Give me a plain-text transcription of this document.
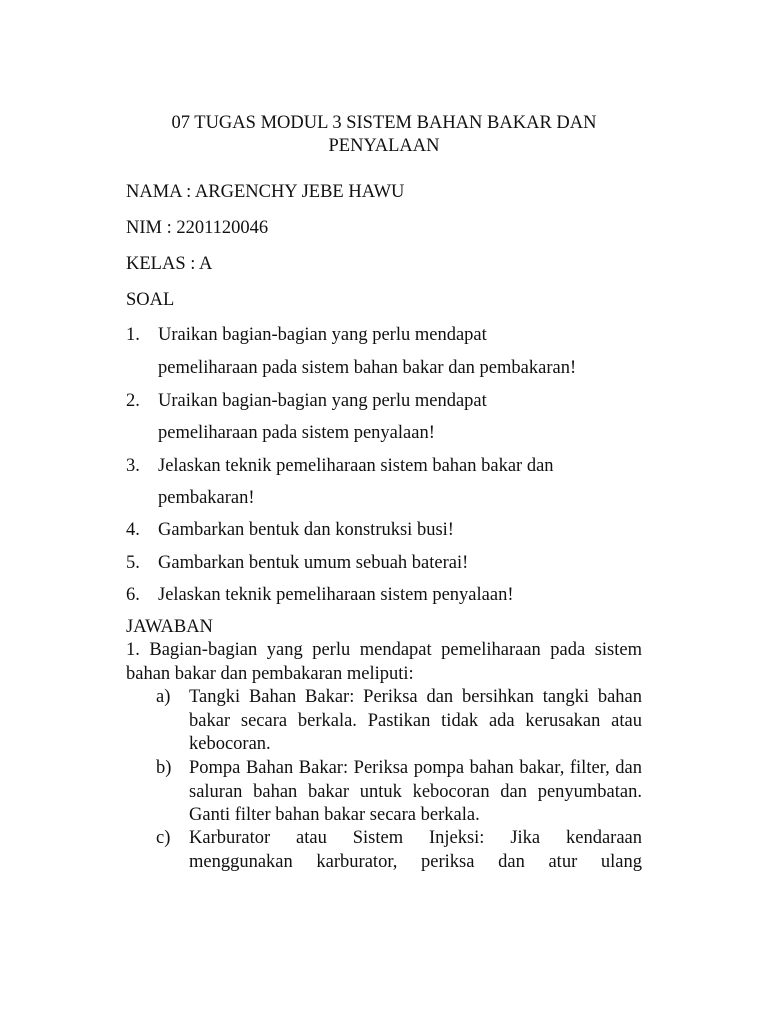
07 TUGAS MODUL 3 SISTEM BAHAN BAKAR DAN PENYALAAN
NAMA : ARGENCHY JEBE HAWU
NIM : 2201120046
KELAS : A
SOAL
1. Uraikan bagian-bagian yang perlu mendapat
pemeliharaan pada sistem bahan bakar dan pembakaran!
2. Uraikan bagian-bagian yang perlu mendapat
pemeliharaan pada sistem penyalaan!
3. Jelaskan teknik pemeliharaan sistem bahan bakar dan
pembakaran!
4. Gambarkan bentuk dan konstruksi busi!
5. Gambarkan bentuk umum sebuah baterai!
6. Jelaskan teknik pemeliharaan sistem penyalaan!
JAWABAN
1. Bagian-bagian yang perlu mendapat pemeliharaan pada sistem bahan bakar dan pembakaran meliputi:
a) Tangki Bahan Bakar: Periksa dan bersihkan tangki bahan bakar secara berkala. Pastikan tidak ada kerusakan atau kebocoran.
b) Pompa Bahan Bakar: Periksa pompa bahan bakar, filter, dan saluran bahan bakar untuk kebocoran dan penyumbatan. Ganti filter bahan bakar secara berkala.
c) Karburator atau Sistem Injeksi: Jika kendaraan menggunakan karburator, periksa dan atur ulang
